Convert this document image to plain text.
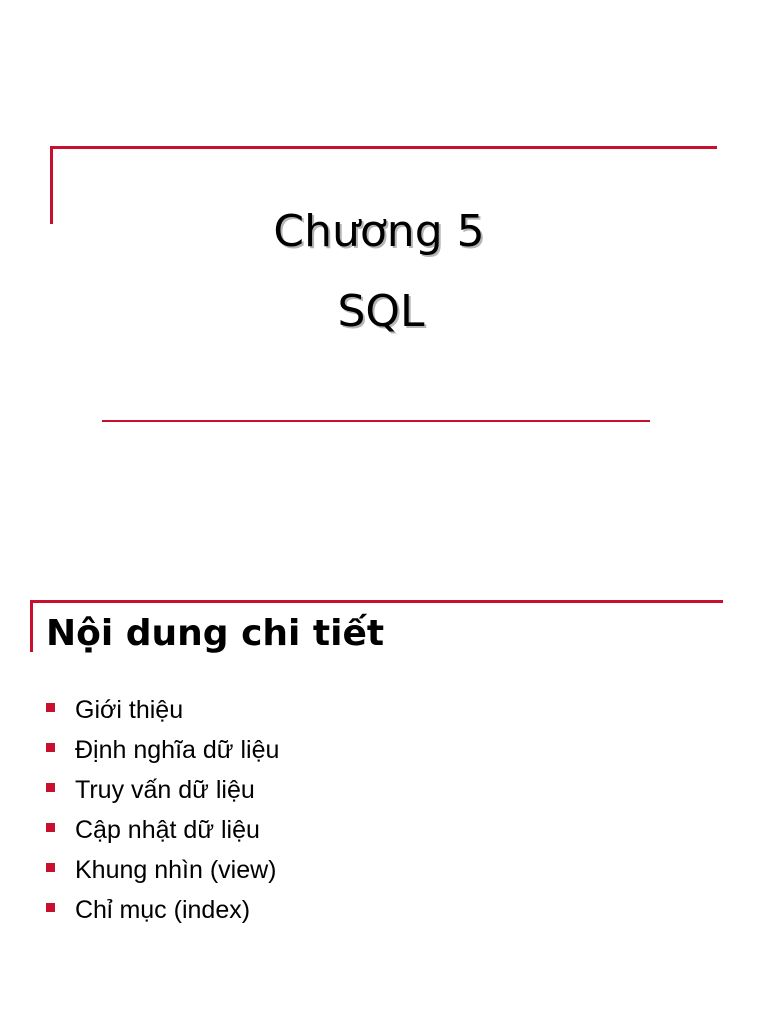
Chương 5
SQL
Nội dung chi tiết
Giới thiệu
Định nghĩa dữ liệu
Truy vấn dữ liệu
Cập nhật dữ liệu
Khung nhìn (view)
Chỉ mục (index)
